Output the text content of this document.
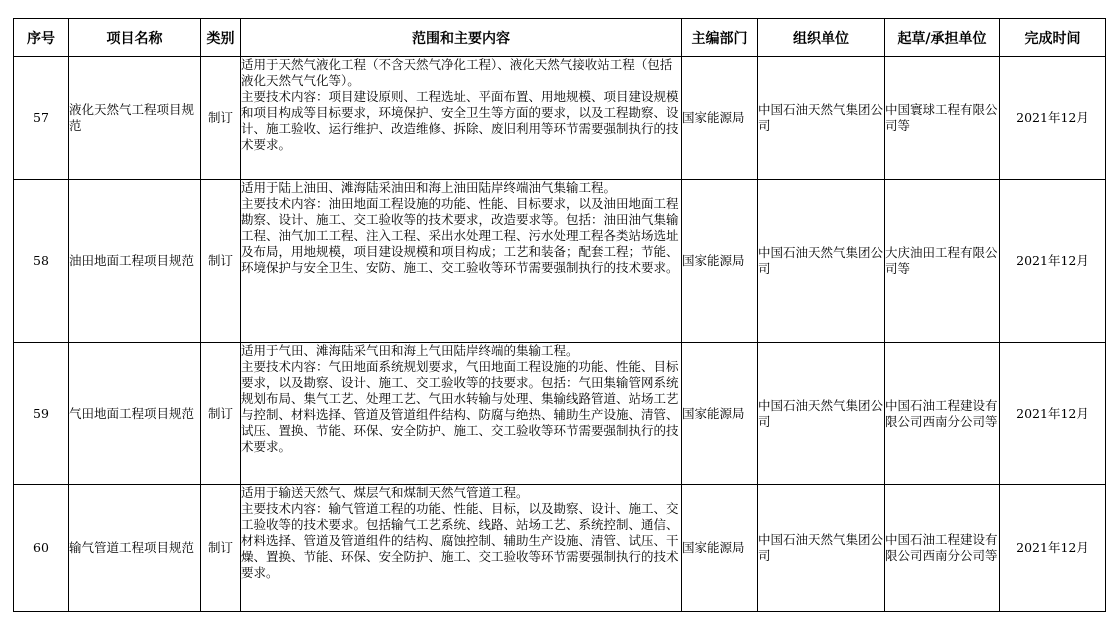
序号	项目名称	类别	范围和主要内容	主编部门	组织单位	起草/承担单位	完成时间
57	液化天然气工程项目规范	制订	适用于天然气液化工程（不含天然气净化工程）、液化天然气接收站工程（包括液化天然气气化等）。
主要技术内容：项目建设原则、工程选址、平面布置、用地规模、项目建设规模和项目构成等目标要求，环境保护、安全卫生等方面的要求，以及工程勘察、设计、施工验收、运行维护、改造维修、拆除、废旧利用等环节需要强制执行的技术要求。	国家能源局	中国石油天然气集团公司	中国寰球工程有限公司等	2021年12月
58	油田地面工程项目规范	制订	适用于陆上油田、滩海陆采油田和海上油田陆岸终端油气集输工程。
主要技术内容：油田地面工程设施的功能、性能、目标要求，以及油田地面工程勘察、设计、施工、交工验收等的技术要求，改造要求等。包括：油田油气集输工程、油气加工工程、注入工程、采出水处理工程、污水处理工程各类站场选址及布局，用地规模，项目建设规模和项目构成；工艺和装备；配套工程；节能、环境保护与安全卫生、安防、施工、交工验收等环节需要强制执行的技术要求。	国家能源局	中国石油天然气集团公司	大庆油田工程有限公司等	2021年12月
59	气田地面工程项目规范	制订	适用于气田、滩海陆采气田和海上气田陆岸终端的集输工程。
主要技术内容：气田地面系统规划要求，气田地面工程设施的功能、性能、目标要求，以及勘察、设计、施工、交工验收等的技要求。包括：气田集输管网系统规划布局、集气工艺、处理工艺、气田水转输与处理、集输线路管道、站场工艺与控制、材料选择、管道及管道组件结构、防腐与绝热、辅助生产设施、清管、试压、置换、节能、环保、安全防护、施工、交工验收等环节需要强制执行的技术要求。	国家能源局	中国石油天然气集团公司	中国石油工程建设有限公司西南分公司等	2021年12月
60	输气管道工程项目规范	制订	适用于输送天然气、煤层气和煤制天然气管道工程。
主要技术内容：输气管道工程的功能、性能、目标，以及勘察、设计、施工、交工验收等的技术要求。包括输气工艺系统、线路、站场工艺、系统控制、通信、材料选择、管道及管道组件的结构、腐蚀控制、辅助生产设施、清管、试压、干燥、置换、节能、环保、安全防护、施工、交工验收等环节需要强制执行的技术要求。	国家能源局	中国石油天然气集团公司	中国石油工程建设有限公司西南分公司等	2021年12月
